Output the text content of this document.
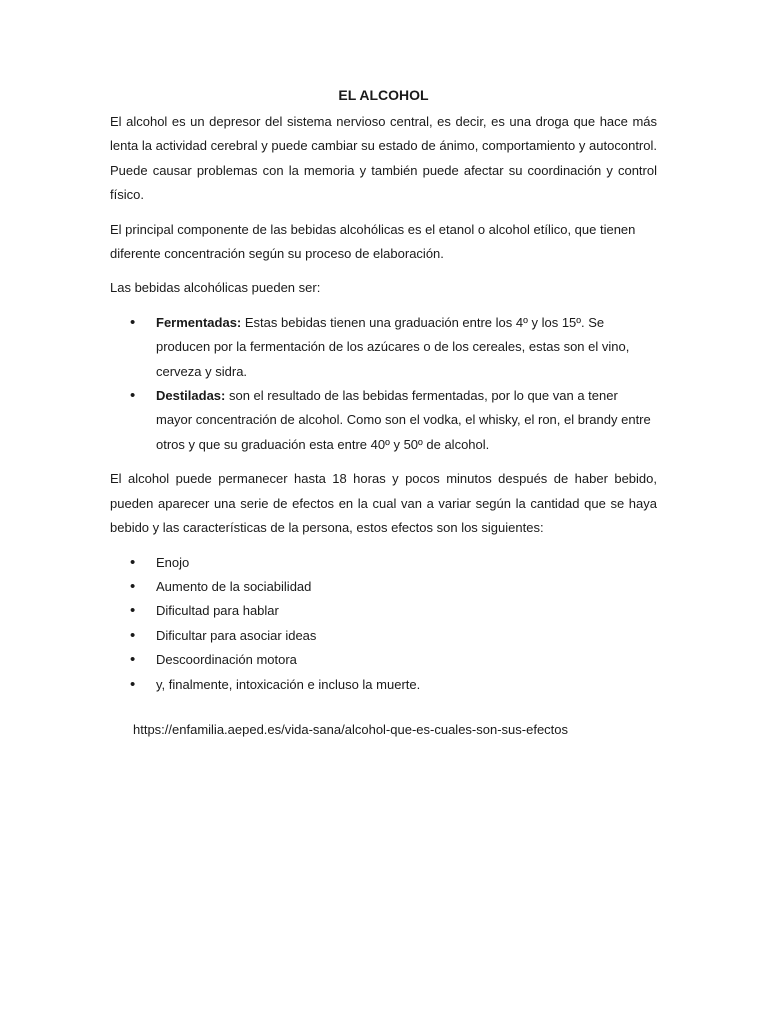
EL ALCOHOL

El alcohol es un depresor del sistema nervioso central, es decir, es una droga que hace más lenta la actividad cerebral y puede cambiar su estado de ánimo, comportamiento y autocontrol. Puede causar problemas con la memoria y también puede afectar su coordinación y control físico.

El principal componente de las bebidas alcohólicas es el etanol o alcohol etílico, que tienen diferente concentración según su proceso de elaboración.

Las bebidas alcohólicas pueden ser:

• Fermentadas: Estas bebidas tienen una graduación entre los 4º y los 15º. Se producen por la fermentación de los azúcares o de los cereales, estas son el vino, cerveza y sidra.
• Destiladas: son el resultado de las bebidas fermentadas, por lo que van a tener mayor concentración de alcohol. Como son el vodka, el whisky, el ron, el brandy entre otros y que su graduación esta entre 40º y 50º de alcohol.

El alcohol puede permanecer hasta 18 horas y pocos minutos después de haber bebido, pueden aparecer una serie de efectos en la cual van a variar según la cantidad que se haya bebido y las características de la persona, estos efectos son los siguientes:

• Enojo
• Aumento de la sociabilidad
• Dificultad para hablar
• Dificultar para asociar ideas
• Descoordinación motora
• y, finalmente, intoxicación e incluso la muerte.
https://enfamilia.aeped.es/vida-sana/alcohol-que-es-cuales-son-sus-efectos
